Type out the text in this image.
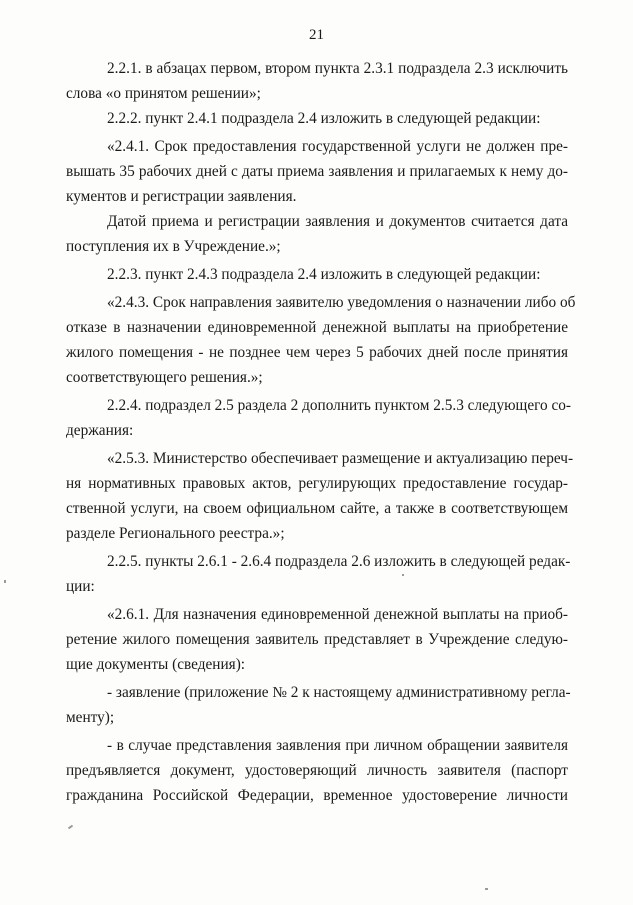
21
2.2.1. в абзацах первом, втором пункта 2.3.1 подраздела 2.3 исключить
слова «о принятом решении»;
2.2.2. пункт 2.4.1 подраздела 2.4 изложить в следующей редакции:
«2.4.1. Срок предоставления государственной услуги не должен пре-
вышать 35 рабочих дней с даты приема заявления и прилагаемых к нему до-
кументов и регистрации заявления.
Датой приема и регистрации заявления и документов считается дата
поступления их в Учреждение.»;
2.2.3. пункт 2.4.3 подраздела 2.4 изложить в следующей редакции:
«2.4.3. Срок направления заявителю уведомления о назначении либо об
отказе в назначении единовременной денежной выплаты на приобретение
жилого помещения - не позднее чем через 5 рабочих дней после принятия
соответствующего решения.»;
2.2.4. подраздел 2.5 раздела 2 дополнить пунктом 2.5.3 следующего со-
держания:
«2.5.3. Министерство обеспечивает размещение и актуализацию переч-
ня нормативных правовых актов, регулирующих предоставление государ-
ственной услуги, на своем официальном сайте, а также в соответствующем
разделе Регионального реестра.»;
2.2.5. пункты 2.6.1 - 2.6.4 подраздела 2.6 изложить в следующей редак-
ции:
«2.6.1. Для назначения единовременной денежной выплаты на приоб-
ретение жилого помещения заявитель представляет в Учреждение следую-
щие документы (сведения):
- заявление (приложение № 2 к настоящему административному регла-
менту);
- в случае представления заявления при личном обращении заявителя
предъявляется документ, удостоверяющий личность заявителя (паспорт
гражданина Российской Федерации, временное удостоверение личности
